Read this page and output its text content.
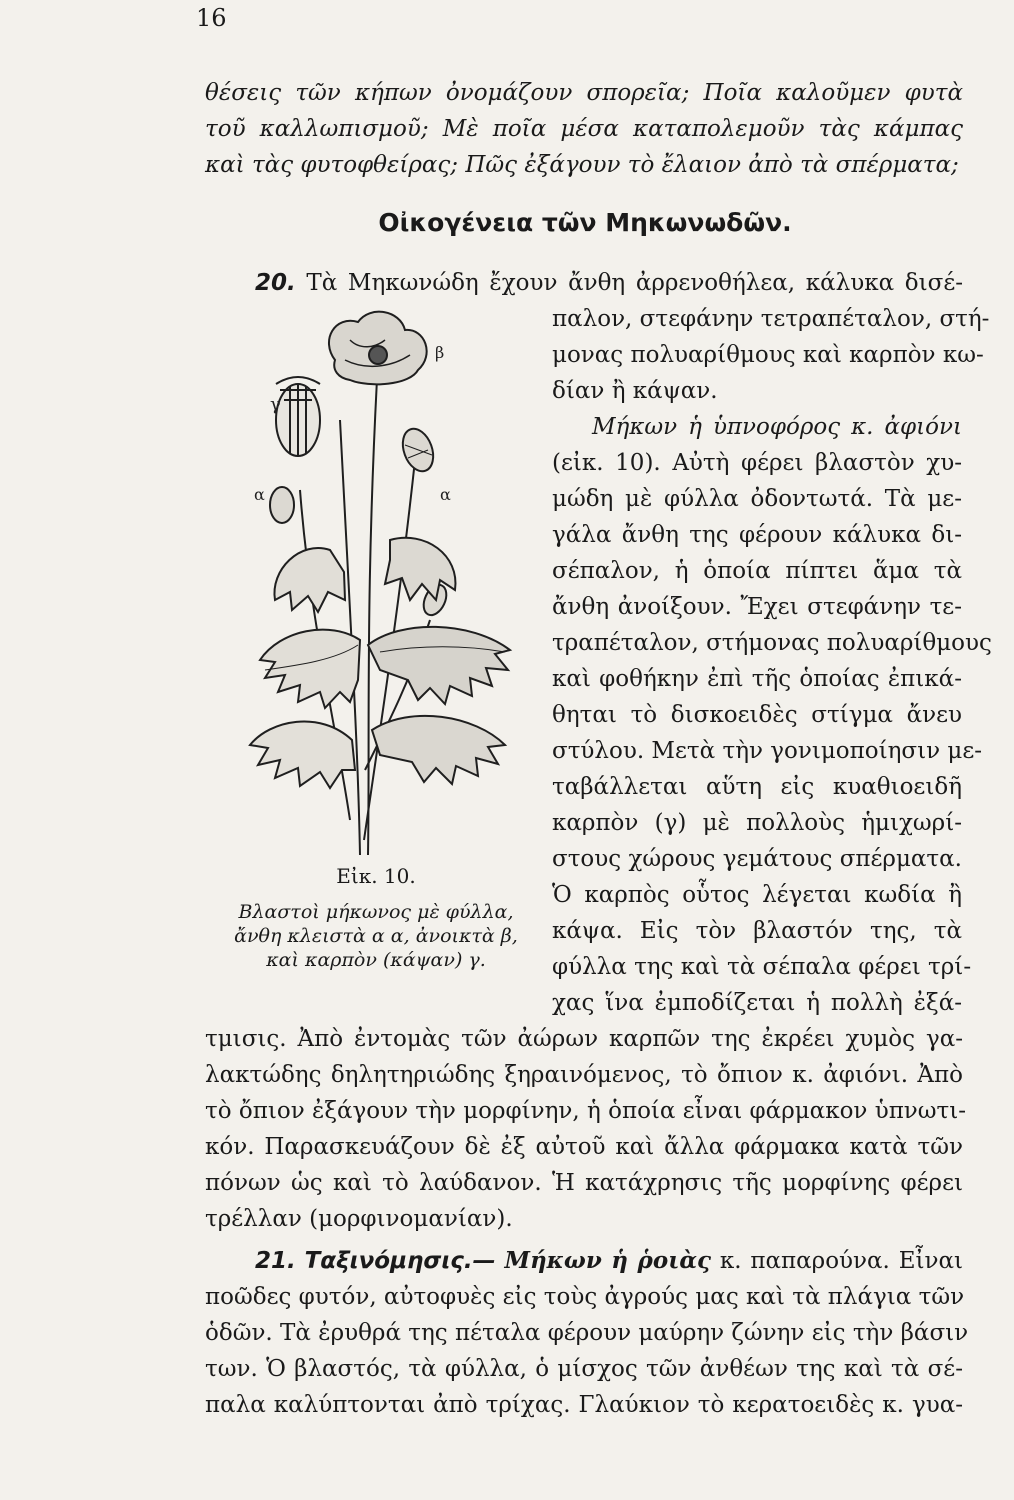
16
θέσεις τῶν κήπων ὀνομάζουν σπορεῖα; Ποῖα καλοῦμεν φυτὰ
τοῦ καλλωπισμοῦ; Μὲ ποῖα μέσα καταπολεμοῦν τὰς κάμπας
καὶ τὰς φυτοφθείρας; Πῶς ἐξάγουν τὸ ἔλαιον ἀπὸ τὰ σπέρματα;
Οἰκογένεια τῶν Μηκωνωδῶν.
20. Τὰ Μηκωνώδη ἔχουν ἄνθη ἀρρενοθήλεα, κάλυκα δισέ-
παλον, στεφάνην τετραπέταλον, στή-
μονας πολυαρίθμους καὶ καρπὸν κω-
δίαν ἢ κάψαν.
Μήκων ἡ ὑπνοφόρος κ. ἀφιόνι
(εἰκ. 10). Αὐτὴ φέρει βλαστὸν χυ-
μώδη μὲ φύλλα ὀδοντωτά. Τὰ με-
γάλα ἄνθη της φέρουν κάλυκα δι-
σέπαλον, ἡ ὁποία πίπτει ἅμα τὰ
ἄνθη ἀνοίξουν. Ἔχει στεφάνην τε-
τραπέταλον, στήμονας πολυαρίθμους
καὶ φοθήκην ἐπὶ τῆς ὁποίας ἐπικά-
θηται τὸ δισκοειδὲς στίγμα ἄνευ
στύλου. Μετὰ τὴν γονιμοποίησιν με-
ταβάλλεται αὕτη εἰς κυαθιοειδῆ
καρπὸν (γ) μὲ πολλοὺς ἡμιχωρί-
στους χώρους γεμάτους σπέρματα.
Ὁ καρπὸς οὗτος λέγεται κωδία ἢ
κάψα. Εἰς τὸν βλαστόν της, τὰ
φύλλα της καὶ τὰ σέπαλα φέρει τρί-
χας ἵνα ἐμποδίζεται ἡ πολλὴ ἐξά-
γ
β
α	α
Εἰκ. 10.
Βλαστοὶ μήκωνος μὲ φύλλα,
ἄνθη κλειστὰ α α, ἀνοικτὰ β,
καὶ καρπὸν (κάψαν) γ.
τμισις. Ἀπὸ ἐντομὰς τῶν ἀώρων καρπῶν της ἐκρέει χυμὸς γα-
λακτώδης δηλητηριώδης ξηραινόμενος, τὸ ὄπιον κ. ἀφιόνι. Ἀπὸ
τὸ ὄπιον ἐξάγουν τὴν μορφίνην, ἡ ὁποία εἶναι φάρμακον ὑπνωτι-
κόν. Παρασκευάζουν δὲ ἐξ αὐτοῦ καὶ ἄλλα φάρμακα κατὰ τῶν
πόνων ὡς καὶ τὸ λαύδανον. Ἡ κατάχρησις τῆς μορφίνης φέρει
τρέλλαν (μορφινομανίαν).
21. Ταξινόμησις.— Μήκων ἡ ῥοιὰς κ. παπαρούνα. Εἶναι
ποῶδες φυτόν, αὐτοφυὲς εἰς τοὺς ἀγρούς μας καὶ τὰ πλάγια τῶν
ὁδῶν. Τὰ ἐρυθρά της πέταλα φέρουν μαύρην ζώνην εἰς τὴν βάσιν
των. Ὁ βλαστός, τὰ φύλλα, ὁ μίσχος τῶν ἀνθέων της καὶ τὰ σέ-
παλα καλύπτονται ἀπὸ τρίχας. Γλαύκιον τὸ κερατοειδὲς κ. γυα-
